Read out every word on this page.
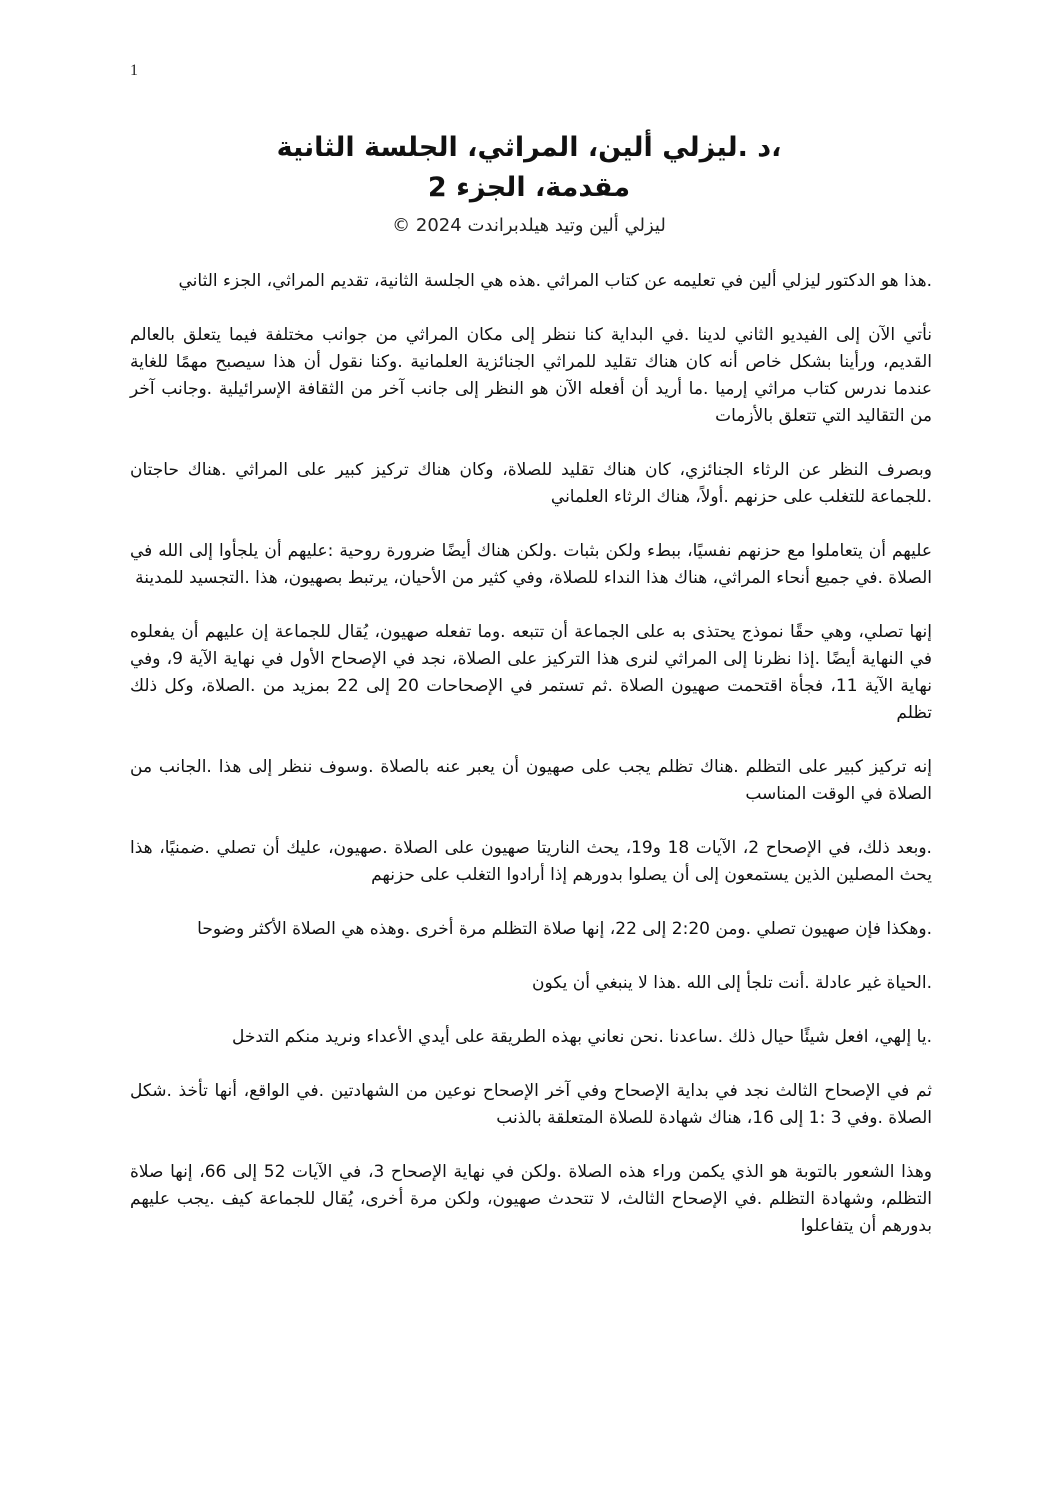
1

،د .ليزلي ألين، المراثي، الجلسة الثانية

مقدمة، الجزء 2

ليزلي ألين وتيد هيلدبراندت 2024 ©

.هذا هو الدكتور ليزلي ألين في تعليمه عن كتاب المراثي .هذه هي الجلسة الثانية، تقديم المراثي، الجزء الثاني

نأتي الآن إلى الفيديو الثاني لدينا .في البداية كنا ننظر إلى مكان المراثي من جوانب مختلفة فيما يتعلق بالعالم القديم، ورأينا بشكل خاص أنه كان هناك تقليد للمراثي الجنائزية العلمانية .وكنا نقول أن هذا سيصبح مهمًا للغاية عندما ندرس كتاب مراثي إرميا .ما أريد أن أفعله الآن هو النظر إلى جانب آخر من الثقافة الإسرائيلية .وجانب آخر من التقاليد التي تتعلق بالأزمات

وبصرف النظر عن الرثاء الجنائزي، كان هناك تقليد للصلاة، وكان هناك تركيز كبير على المراثي .هناك حاجتان .للجماعة للتغلب على حزنهم .أولاً، هناك الرثاء العلماني

عليهم أن يتعاملوا مع حزنهم نفسيًا، ببطء ولكن بثبات .ولكن هناك أيضًا ضرورة روحية :عليهم أن يلجأوا إلى الله في الصلاة .في جميع أنحاء المراثي، هناك هذا النداء للصلاة، وفي كثير من الأحيان، يرتبط بصهيون، هذا .التجسيد للمدينة

إنها تصلي، وهي حقًا نموذج يحتذى به على الجماعة أن تتبعه .وما تفعله صهيون، يُقال للجماعة إن عليهم أن يفعلوه في النهاية أيضًا .إذا نظرنا إلى المراثي لنرى هذا التركيز على الصلاة، نجد في الإصحاح الأول في نهاية الآية 9، وفي نهاية الآية 11، فجأة اقتحمت صهيون الصلاة .ثم تستمر في الإصحاحات 20 إلى 22 بمزيد من .الصلاة، وكل ذلك تظلم

إنه تركيز كبير على التظلم .هناك تظلم يجب على صهيون أن يعبر عنه بالصلاة .وسوف ننظر إلى هذا .الجانب من الصلاة في الوقت المناسب

.وبعد ذلك، في الإصحاح 2، الآيات 18 و19، يحث الناريتا صهيون على الصلاة .صهيون، عليك أن تصلي .ضمنيًا، هذا يحث المصلين الذين يستمعون إلى أن يصلوا بدورهم إذا أرادوا التغلب على حزنهم

.وهكذا فإن صهيون تصلي .ومن 2:20 إلى 22، إنها صلاة التظلم مرة أخرى .وهذه هي الصلاة الأكثر وضوحا

.الحياة غير عادلة .أنت تلجأ إلى الله .هذا لا ينبغي أن يكون

.يا إلهي، افعل شيئًا حيال ذلك .ساعدنا .نحن نعاني بهذه الطريقة على أيدي الأعداء ونريد منكم التدخل

ثم في الإصحاح الثالث نجد في بداية الإصحاح وفي آخر الإصحاح نوعين من الشهادتين .في الواقع، أنها تأخذ .شكل الصلاة .وفي 3 :1 إلى 16، هناك شهادة للصلاة المتعلقة بالذنب

وهذا الشعور بالتوبة هو الذي يكمن وراء هذه الصلاة .ولكن في نهاية الإصحاح 3، في الآيات 52 إلى 66، إنها صلاة التظلم، وشهادة التظلم .في الإصحاح الثالث، لا تتحدث صهيون، ولكن مرة أخرى، يُقال للجماعة كيف .يجب عليهم بدورهم أن يتفاعلوا
